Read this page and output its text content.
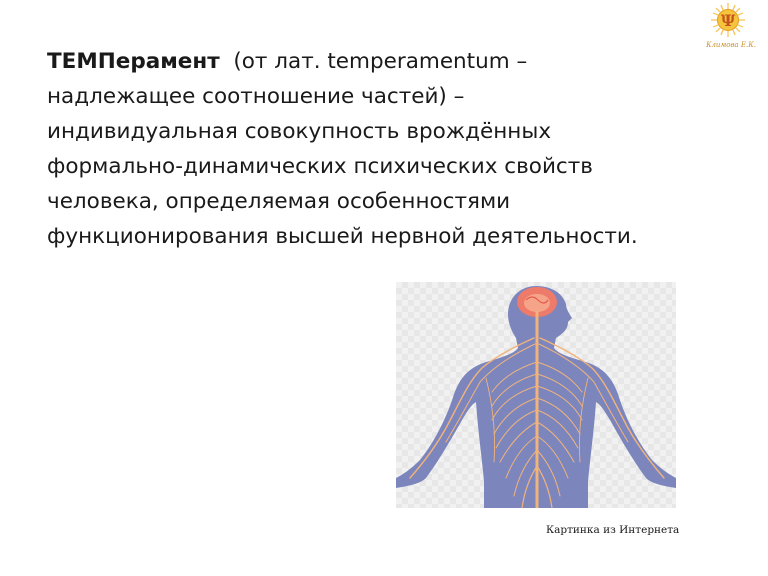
Ψ
Климова Е.К.

ТЕМПерамент  (от лат. temperamentum –
надлежащее соотношение частей) –
индивидуальная совокупность врождённых
формально-динамических психических свойств
человека, определяемая особенностями
функционирования высшей нервной деятельности.

Картинка из Интернета
